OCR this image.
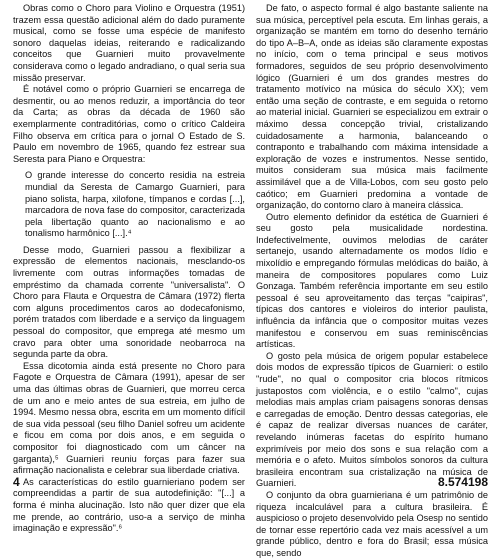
Obras como o Choro para Violino e Orquestra (1951) trazem essa questão adicional além do dado puramente musical, como se fosse uma espécie de manifesto sonoro daquelas ideias, reiterando e radicalizando conceitos que Guarnieri muito provavelmente considerava como o legado andradiano, o qual seria sua missão preservar.

É notável como o próprio Guarnieri se encarrega de desmentir, ou ao menos reduzir, a importância do teor da Carta; as obras da década de 1960 são exemplarmente contraditórias, como o crítico Caldeira Filho observa em crítica para o jornal O Estado de S. Paulo em novembro de 1965, quando fez estrear sua Seresta para Piano e Orquestra:

O grande interesse do concerto residia na estreia mundial da Seresta de Camargo Guarnieri, para piano solista, harpa, xilofone, tímpanos e cordas [...], marcadora de nova fase do compositor, caracterizada pela libertação quanto ao nacionalismo e ao tonalismo harmônico [...].⁴

Desse modo, Guarnieri passou a flexibilizar a expressão de elementos nacionais, mesclando-os livremente com outras informações tomadas de empréstimo da chamada corrente "universalista". O Choro para Flauta e Orquestra de Câmara (1972) flerta com alguns procedimentos caros ao dodecafonismo, porém tratados com liberdade e a serviço da linguagem pessoal do compositor, que emprega até mesmo um cravo para obter uma sonoridade neobarroca na segunda parte da obra.

Essa dicotomia ainda está presente no Choro para Fagote e Orquestra de Câmara (1991), apesar de ser uma das últimas obras de Guarnieri, que morreu cerca de um ano e meio antes de sua estreia, em julho de 1994. Mesmo nessa obra, escrita em um momento difícil de sua vida pessoal (seu filho Daniel sofreu um acidente e ficou em coma por dois anos, e em seguida o compositor foi diagnosticado com um câncer na garganta),⁵ Guarnieri reuniu forças para fazer sua afirmação nacionalista e celebrar sua liberdade criativa.

As características do estilo guarnieriano podem ser compreendidas a partir de sua autodefinição: "[...] a forma é minha alucinação. Isto não quer dizer que ela me prende, ao contrário, uso-a a serviço de minha imaginação e expressão".⁶

De fato, o aspecto formal é algo bastante saliente na sua música, perceptível pela escuta. Em linhas gerais, a organização se mantém em torno do desenho ternário do tipo A–B–A, onde as ideias são claramente expostas no início, com o tema principal e seus motivos formadores, seguidos de seu próprio desenvolvimento lógico (Guarnieri é um dos grandes mestres do tratamento motívico na música do século XX); vem então uma seção de contraste, e em seguida o retorno ao material inicial. Guarnieri se especializou em extrair o máximo dessa concepção trivial, cristalizando cuidadosamente a harmonia, balanceando o contraponto e trabalhando com máxima intensidade a exploração de vozes e instrumentos. Nesse sentido, muitos consideram sua música mais facilmente assimilável que a de Villa-Lobos, com seu gosto pelo caótico; em Guarnieri predomina a vontade de organização, do contorno claro à maneira clássica.

Outro elemento definidor da estética de Guarnieri é seu gosto pela musicalidade nordestina. Indefectivelmente, ouvimos melodias de caráter sertanejo, usando alternadamente os modos lídio e mixolídio e empregando fórmulas melódicas do baião, à maneira de compositores populares como Luiz Gonzaga. Também referência importante em seu estilo pessoal é seu aproveitamento das terças "caipiras", típicas dos cantores e violeiros do interior paulista, influência da infância que o compositor muitas vezes manifestou e conservou em suas reminiscências artísticas.

O gosto pela música de origem popular estabelece dois modos de expressão típicos de Guarnieri: o estilo "rude", no qual o compositor cria blocos rítmicos justapostos com violência, e o estilo "calmo", cujas melodias mais amplas criam paisagens sonoras densas e carregadas de emoção. Dentro dessas categorias, ele é capaz de realizar diversas nuances de caráter, revelando inúmeras facetas do espírito humano exprimíveis por meio dos sons e sua relação com a memória e o afeto. Muitos símbolos sonoros da cultura brasileira encontram sua cristalização na música de Guarnieri.

O conjunto da obra guarnieriana é um patrimônio de riqueza incalculável para a cultura brasileira. É auspicioso o projeto desenvolvido pela Osesp no sentido de tornar esse repertório cada vez mais acessível a um grande público, dentro e fora do Brasil; essa música que, sendo

4	8.574198
